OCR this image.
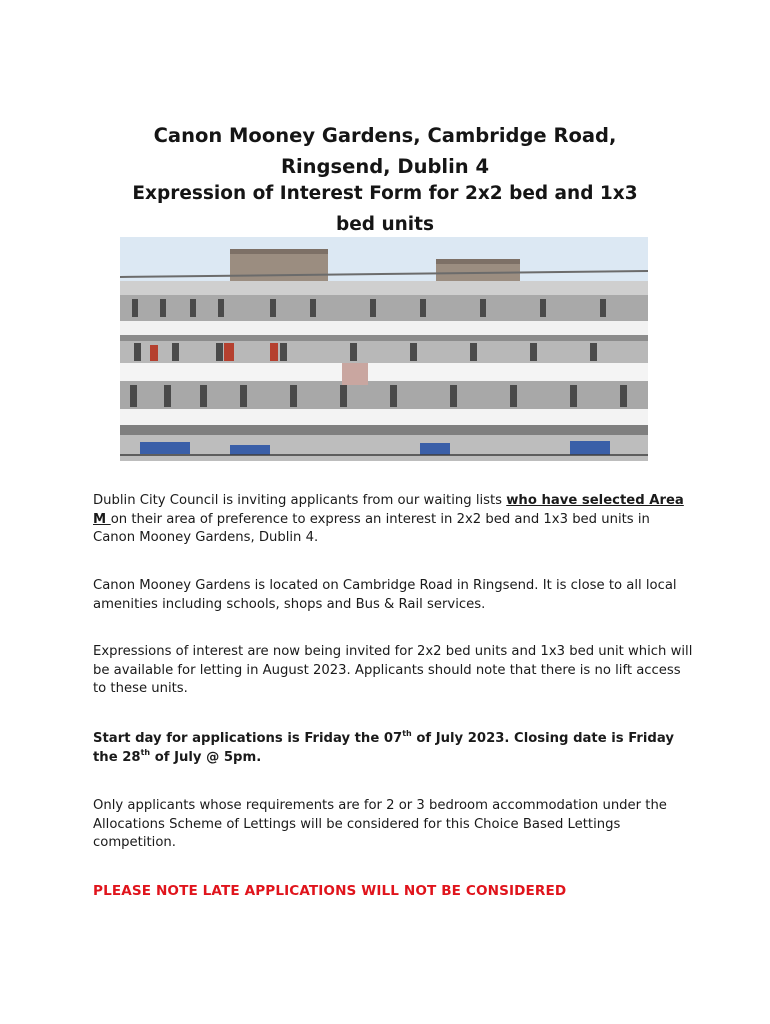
Canon Mooney Gardens, Cambridge Road,
Ringsend, Dublin 4
Expression of Interest Form for 2x2 bed and 1x3
bed units
Dublin City Council is inviting applicants from our waiting lists who have selected Area M on their area of preference to express an interest in 2x2 bed and 1x3 bed units in Canon Mooney Gardens, Dublin 4.
Canon Mooney Gardens is located on Cambridge Road in Ringsend. It is close to all local amenities including schools, shops and Bus & Rail services.
Expressions of interest are now being invited for 2x2 bed units and 1x3 bed unit which will be available for letting in August 2023. Applicants should note that there is no lift access to these units.
Start day for applications is Friday the 07th of July 2023. Closing date is Friday the 28th of July @ 5pm.
Only applicants whose requirements are for 2 or 3 bedroom accommodation under the Allocations Scheme of Lettings will be considered for this Choice Based Lettings competition.
PLEASE NOTE LATE APPLICATIONS WILL NOT BE CONSIDERED
